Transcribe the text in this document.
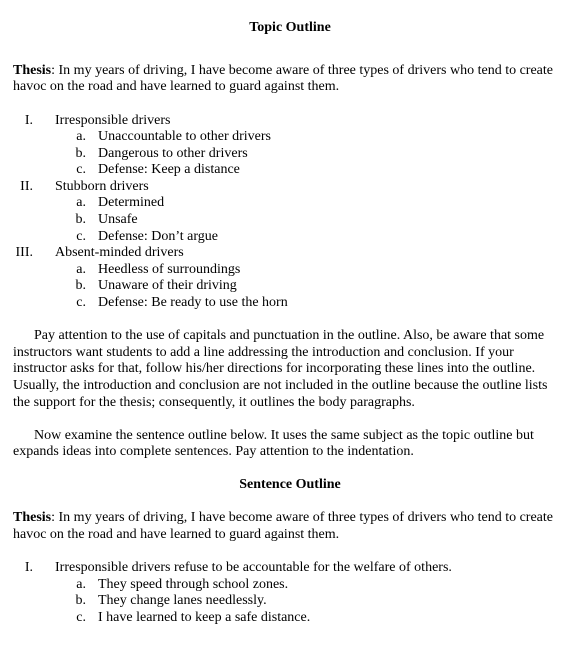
Topic Outline
Thesis: In my years of driving, I have become aware of three types of drivers who tend to create
havoc on the road and have learned to guard against them.
I. Irresponsible drivers
a. Unaccountable to other drivers
b. Dangerous to other drivers
c. Defense: Keep a distance
II. Stubborn drivers
a. Determined
b. Unsafe
c. Defense: Don’t argue
III. Absent-minded drivers
a. Heedless of surroundings
b. Unaware of their driving
c. Defense: Be ready to use the horn
Pay attention to the use of capitals and punctuation in the outline. Also, be aware that some
instructors want students to add a line addressing the introduction and conclusion. If your
instructor asks for that, follow his/her directions for incorporating these lines into the outline.
Usually, the introduction and conclusion are not included in the outline because the outline lists
the support for the thesis; consequently, it outlines the body paragraphs.
Now examine the sentence outline below. It uses the same subject as the topic outline but
expands ideas into complete sentences. Pay attention to the indentation.
Sentence Outline
Thesis: In my years of driving, I have become aware of three types of drivers who tend to create
havoc on the road and have learned to guard against them.
I. Irresponsible drivers refuse to be accountable for the welfare of others.
a. They speed through school zones.
b. They change lanes needlessly.
c. I have learned to keep a safe distance.
